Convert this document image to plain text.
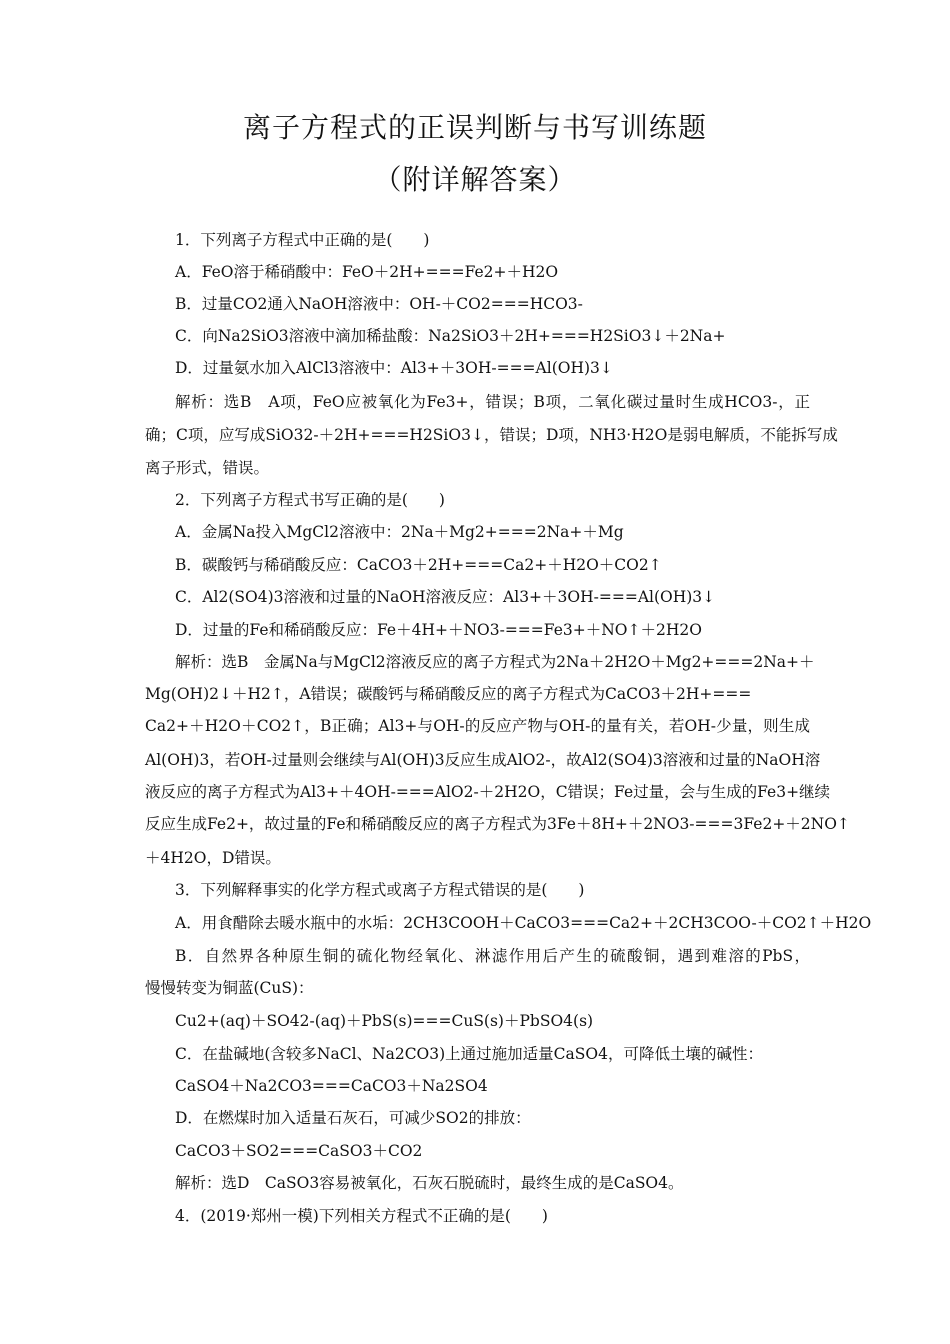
离子方程式的正误判断与书写训练题
（附详解答案）
1．下列离子方程式中正确的是(　　)
A．FeO溶于稀硝酸中：FeO＋2H+===Fe2+＋H2O
B．过量CO2通入NaOH溶液中：OH-＋CO2===HCO3-
C．向Na2SiO3溶液中滴加稀盐酸：Na2SiO3＋2H+===H2SiO3↓＋2Na+
D．过量氨水加入AlCl3溶液中：Al3+＋3OH-===Al(OH)3↓
解析：选B　A项，FeO应被氧化为Fe3+，错误；B项，二氧化碳过量时生成HCO3-，正
确；C项，应写成SiO32-＋2H+===H2SiO3↓，错误；D项，NH3·H2O是弱电解质，不能拆写成
离子形式，错误。
2．下列离子方程式书写正确的是(　　)
A．金属Na投入MgCl2溶液中：2Na＋Mg2+===2Na+＋Mg
B．碳酸钙与稀硝酸反应：CaCO3＋2H+===Ca2+＋H2O＋CO2↑
C．Al2(SO4)3溶液和过量的NaOH溶液反应：Al3+＋3OH-===Al(OH)3↓
D．过量的Fe和稀硝酸反应：Fe＋4H+＋NO3-===Fe3+＋NO↑＋2H2O
解析：选B　金属Na与MgCl2溶液反应的离子方程式为2Na＋2H2O＋Mg2+===2Na+＋
Mg(OH)2↓＋H2↑，A错误；碳酸钙与稀硝酸反应的离子方程式为CaCO3＋2H+===
Ca2+＋H2O＋CO2↑，B正确；Al3+与OH-的反应产物与OH-的量有关，若OH-少量，则生成
Al(OH)3，若OH-过量则会继续与Al(OH)3反应生成AlO2-，故Al2(SO4)3溶液和过量的NaOH溶
液反应的离子方程式为Al3+＋4OH-===AlO2-＋2H2O，C错误；Fe过量，会与生成的Fe3+继续
反应生成Fe2+，故过量的Fe和稀硝酸反应的离子方程式为3Fe＋8H+＋2NO3-===3Fe2+＋2NO↑
＋4H2O，D错误。
3．下列解释事实的化学方程式或离子方程式错误的是(　　)
A．用食醋除去暖水瓶中的水垢：2CH3COOH＋CaCO3===Ca2+＋2CH3COO-＋CO2↑＋H2O
B．自然界各种原生铜的硫化物经氧化、淋滤作用后产生的硫酸铜，遇到难溶的PbS，
慢慢转变为铜蓝(CuS)：
Cu2+(aq)＋SO42-(aq)＋PbS(s)===CuS(s)＋PbSO4(s)
C．在盐碱地(含较多NaCl、Na2CO3)上通过施加适量CaSO4，可降低土壤的碱性：
CaSO4＋Na2CO3===CaCO3＋Na2SO4
D．在燃煤时加入适量石灰石，可减少SO2的排放：
CaCO3＋SO2===CaSO3＋CO2
解析：选D　CaSO3容易被氧化，石灰石脱硫时，最终生成的是CaSO4。
4．(2019·郑州一模)下列相关方程式不正确的是(　　)
